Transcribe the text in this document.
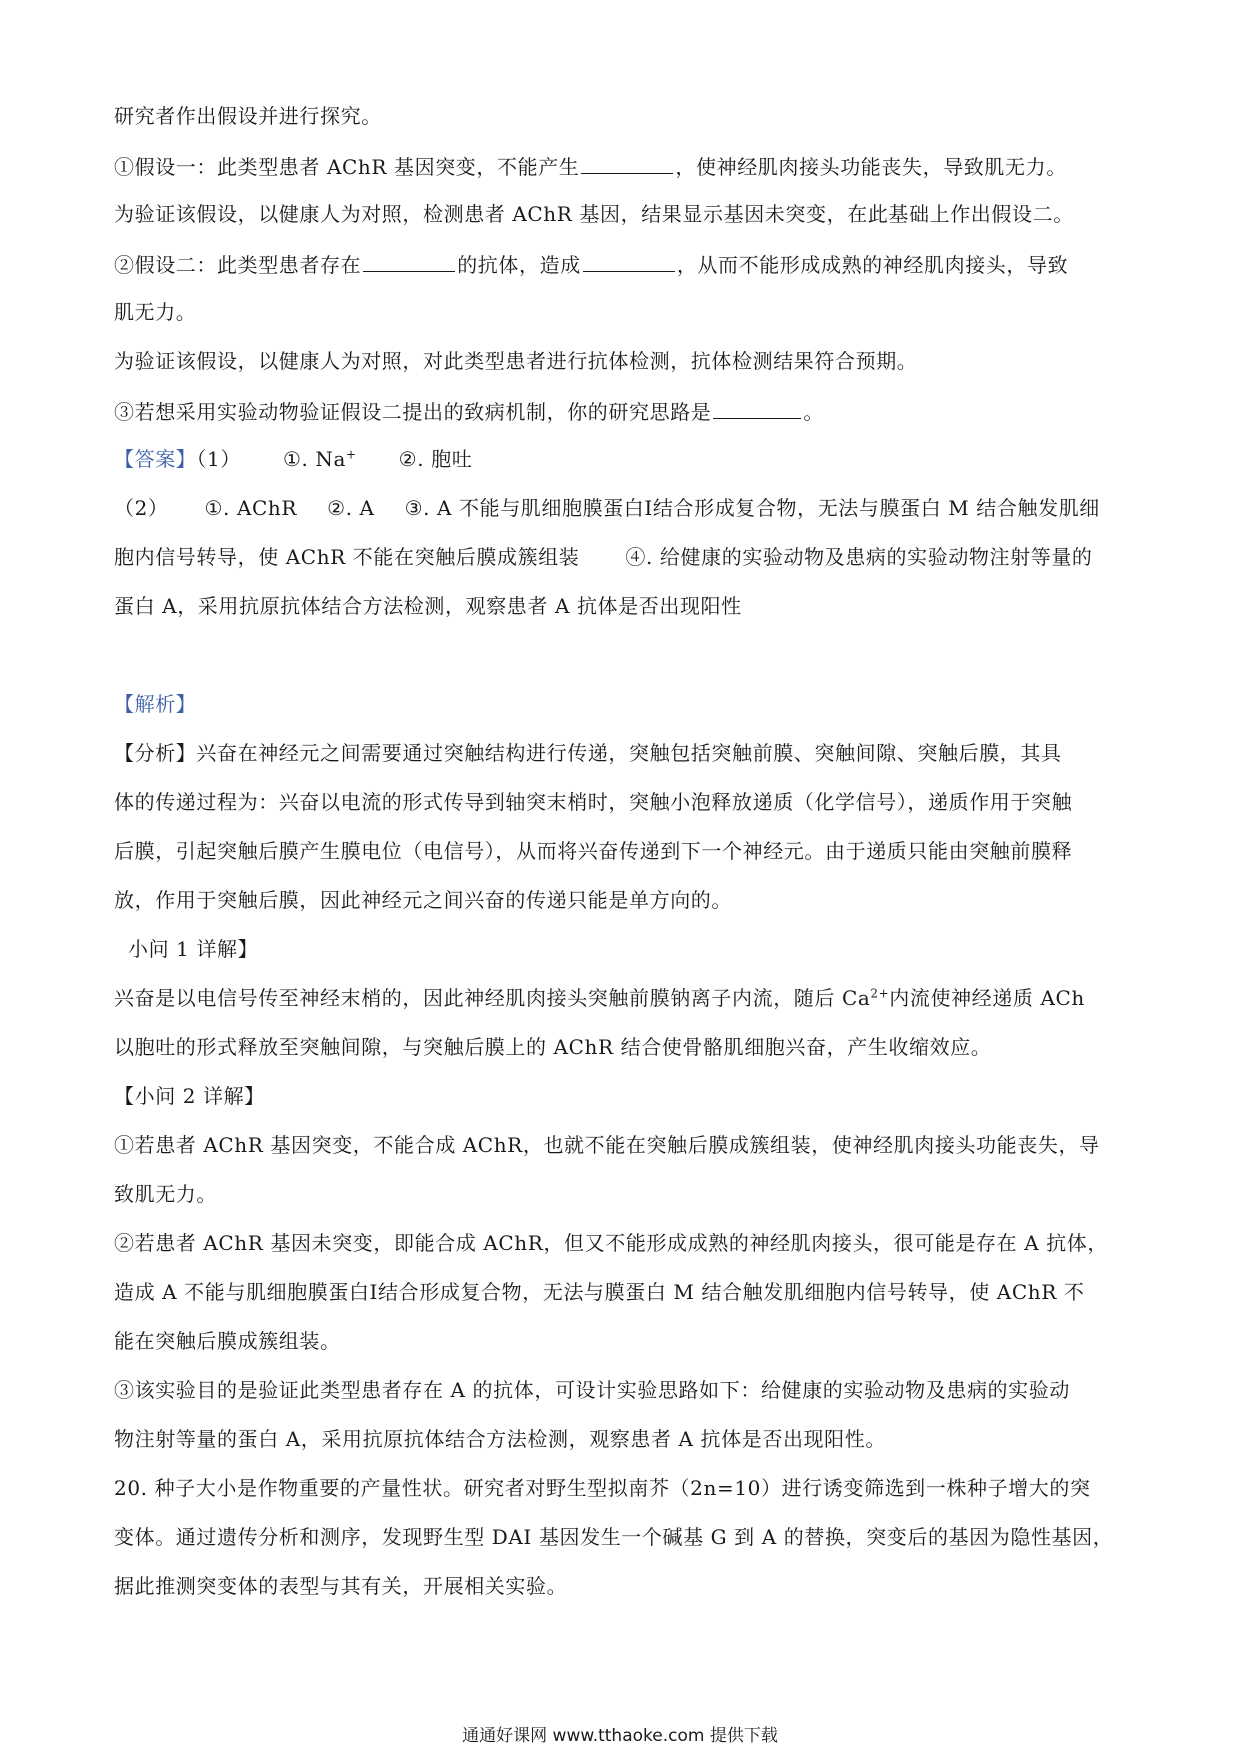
研究者作出假设并进行探究。
①假设一：此类型患者 AChR 基因突变，不能产生	，使神经肌肉接头功能丧失，导致肌无力。
为验证该假设，以健康人为对照，检测患者 AChR 基因，结果显示基因未突变，在此基础上作出假设二。
②假设二：此类型患者存在	的抗体，造成	，从而不能形成成熟的神经肌肉接头，导致
肌无力。
为验证该假设，以健康人为对照，对此类型患者进行抗体检测，抗体检测结果符合预期。
③若想采用实验动物验证假设二提出的致病机制，你的研究思路是	。
【答案】（1） ①. Na+ ②. 胞吐
（2） ①. AChR ②. A ③. A 不能与肌细胞膜蛋白Ⅰ结合形成复合物，无法与膜蛋白 M 结合触发肌细
胞内信号转导，使 AChR 不能在突触后膜成簇组装 ④. 给健康的实验动物及患病的实验动物注射等量的
蛋白 A，采用抗原抗体结合方法检测，观察患者 A 抗体是否出现阳性
【解析】
【分析】兴奋在神经元之间需要通过突触结构进行传递，突触包括突触前膜、突触间隙、突触后膜，其具
体的传递过程为：兴奋以电流的形式传导到轴突末梢时，突触小泡释放递质（化学信号），递质作用于突触
后膜，引起突触后膜产生膜电位（电信号），从而将兴奋传递到下一个神经元。由于递质只能由突触前膜释
放，作用于突触后膜，因此神经元之间兴奋的传递只能是单方向的。
小问 1 详解】
兴奋是以电信号传至神经末梢的，因此神经肌肉接头突触前膜钠离子内流，随后 $Ca^{2+}$内流使神经递质 ACh
以胞吐的形式释放至突触间隙，与突触后膜上的 AChR 结合使骨骼肌细胞兴奋，产生收缩效应。
【小问 2 详解】
①若患者 AChR 基因突变，不能合成 AChR，也就不能在突触后膜成簇组装，使神经肌肉接头功能丧失，导
致肌无力。
②若患者 AChR 基因未突变，即能合成 AChR，但又不能形成成熟的神经肌肉接头，很可能是存在 A 抗体，
造成 A 不能与肌细胞膜蛋白Ⅰ结合形成复合物，无法与膜蛋白 M 结合触发肌细胞内信号转导，使 AChR 不
能在突触后膜成簇组装。
③该实验目的是验证此类型患者存在 A 的抗体，可设计实验思路如下：给健康的实验动物及患病的实验动
物注射等量的蛋白 A，采用抗原抗体结合方法检测，观察患者 A 抗体是否出现阳性。
20. 种子大小是作物重要的产量性状。研究者对野生型拟南芥（2n=10）进行诱变筛选到一株种子增大的突
变体。通过遗传分析和测序，发现野生型 DAI 基因发生一个碱基 G 到 A 的替换，突变后的基因为隐性基因，
据此推测突变体的表型与其有关，开展相关实验。
通通好课网 www.tthaoke.com 提供下载
